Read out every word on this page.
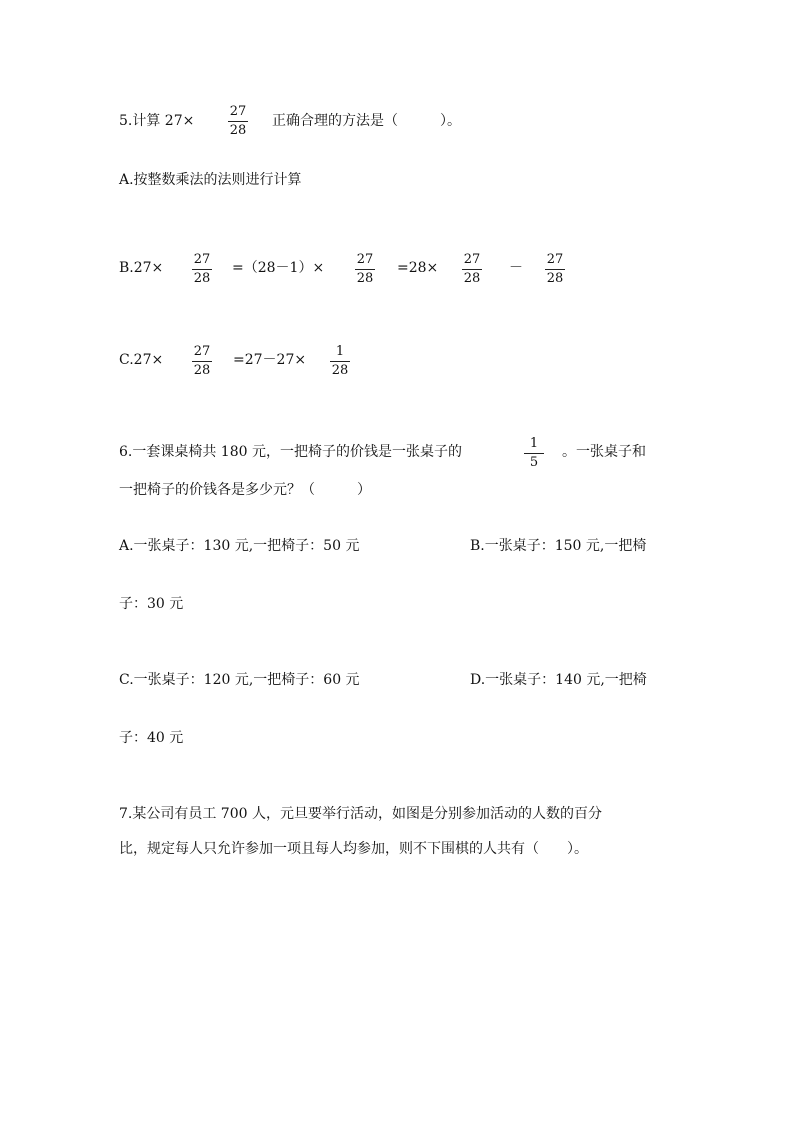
5.计算 27×
27
28
正确合理的方法是（　　　）。
A.按整数乘法的法则进行计算
B.27×
27
28
=（28－1）×
27
28
=28×
27
28
－
27
28
C.27×
27
28
=27－27×
1
28
6.一套课桌椅共 180 元，一把椅子的价钱是一张桌子的
1
5
。一张桌子和
一把椅子的价钱各是多少元？（　　　）
A.一张桌子：130 元,一把椅子：50 元	B.一张桌子：150 元,一把椅
子：30 元
C.一张桌子：120 元,一把椅子：60 元	D.一张桌子：140 元,一把椅
子：40 元
7.某公司有员工 700 人，元旦要举行活动，如图是分别参加活动的人数的百分
比，规定每人只允许参加一项且每人均参加，则不下围棋的人共有（　　）。
